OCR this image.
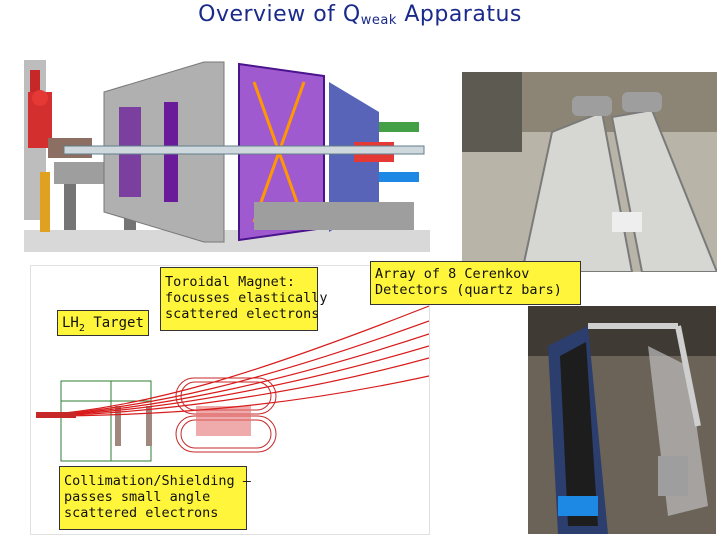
Overview of $Q_{weak}$ Apparatus
$LH_2$ Target
Toroidal Magnet:
focusses elastically
scattered electrons
Array of 8 Cerenkov
Detectors (quartz bars)
Collimation/Shielding –
passes small angle
scattered electrons
